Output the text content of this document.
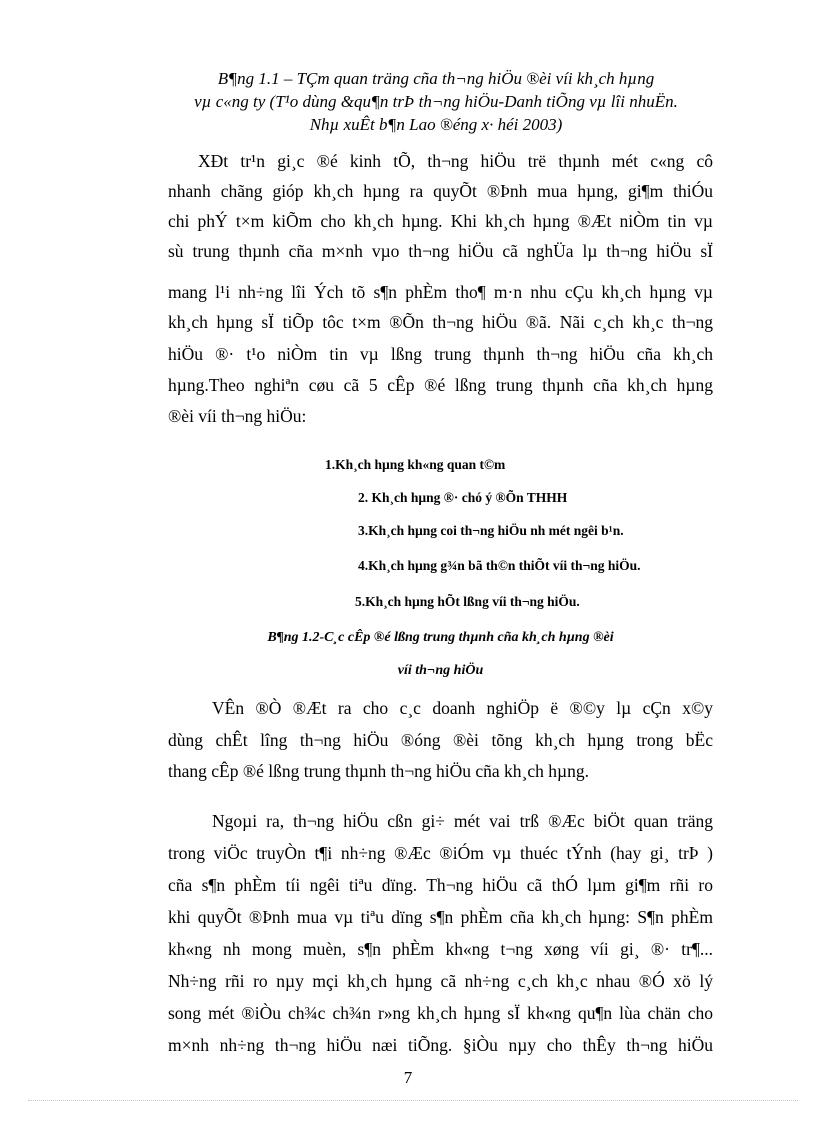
B¶ng 1.1 – TÇm quan träng cña th¬ng hiÖu ®èi víi kh¸ch hµng
vµ c«ng ty (T¹o dùng &qu¶n trÞ th¬ng hiÖu-Danh tiÕng vµ lîi nhuËn.
Nhµ xuÊt b¶n Lao ®éng x· héi 2003)
XÐt tr¹n gi¸c ®é kinh tÕ, th¬ng hiÖu trë thµnh mét c«ng cô
nhanh chãng gióp kh¸ch hµng ra quyÕt ®Þnh mua hµng, gi¶m thiÓu
chi phÝ t×m kiÕm cho kh¸ch hµng. Khi kh¸ch hµng ®Æt niÒm tin vµ
sù trung thµnh cña m×nh vµo th¬ng hiÖu cã nghÜa lµ th¬ng hiÖu sÏ
mang l¹i nh÷ng lîi Ých tõ s¶n phÈm tho¶ m·n nhu cÇu kh¸ch hµng vµ
kh¸ch hµng sÏ tiÕp tôc t×m ®Õn th¬ng hiÖu ®ã. Nãi c¸ch kh¸c th¬ng
hiÖu ®· t¹o niÒm tin vµ lßng trung thµnh th¬ng hiÖu cña kh¸ch
hµng.Theo nghiªn cøu cã 5 cÊp ®é lßng trung thµnh cña kh¸ch hµng
®èi víi th¬ng hiÖu:
1.Kh¸ch hµng kh«ng quan t©m
2. Kh¸ch hµng ®· chó ý ®Õn THHH
3.Kh¸ch hµng coi th¬ng hiÖu nh mét ngêi b¹n.
4.Kh¸ch hµng g¾n bã th©n thiÕt víi th¬ng hiÖu.
5.Kh¸ch hµng hÕt lßng víi th¬ng hiÖu.
B¶ng 1.2-C¸c cÊp ®é lßng trung thµnh cña kh¸ch hµng ®èi
víi th¬ng hiÖu
VÊn ®Ò ®Æt ra cho c¸c doanh nghiÖp ë ®©y lµ cÇn x©y
dùng chÊt lîng th¬ng hiÖu ®óng ®èi tõng kh¸ch hµng trong bËc
thang cÊp ®é lßng trung thµnh th¬ng hiÖu cña kh¸ch hµng.
Ngoµi ra, th¬ng hiÖu cßn gi÷ mét vai trß ®Æc biÖt quan träng
trong viÖc truyÒn t¶i nh÷ng ®Æc ®iÓm vµ thuéc tÝnh (hay gi¸ trÞ )
cña s¶n phÈm tíi ngêi tiªu dïng. Th¬ng hiÖu cã thÓ lµm gi¶m rñi ro
khi quyÕt ®Þnh mua vµ tiªu dïng s¶n phÈm cña kh¸ch hµng: S¶n phÈm
kh«ng nh mong muèn, s¶n phÈm kh«ng t¬ng xøng víi gi¸ ®· tr¶...
Nh÷ng rñi ro nµy mçi kh¸ch hµng cã nh÷ng c¸ch kh¸c nhau ®Ó xö lý
song mét ®iÒu ch¾c ch¾n r»ng kh¸ch hµng sÏ kh«ng qu¶n lùa chän cho
m×nh nh÷ng th¬ng hiÖu næi tiÕng. §iÒu nµy cho thÊy th¬ng hiÖu
7
